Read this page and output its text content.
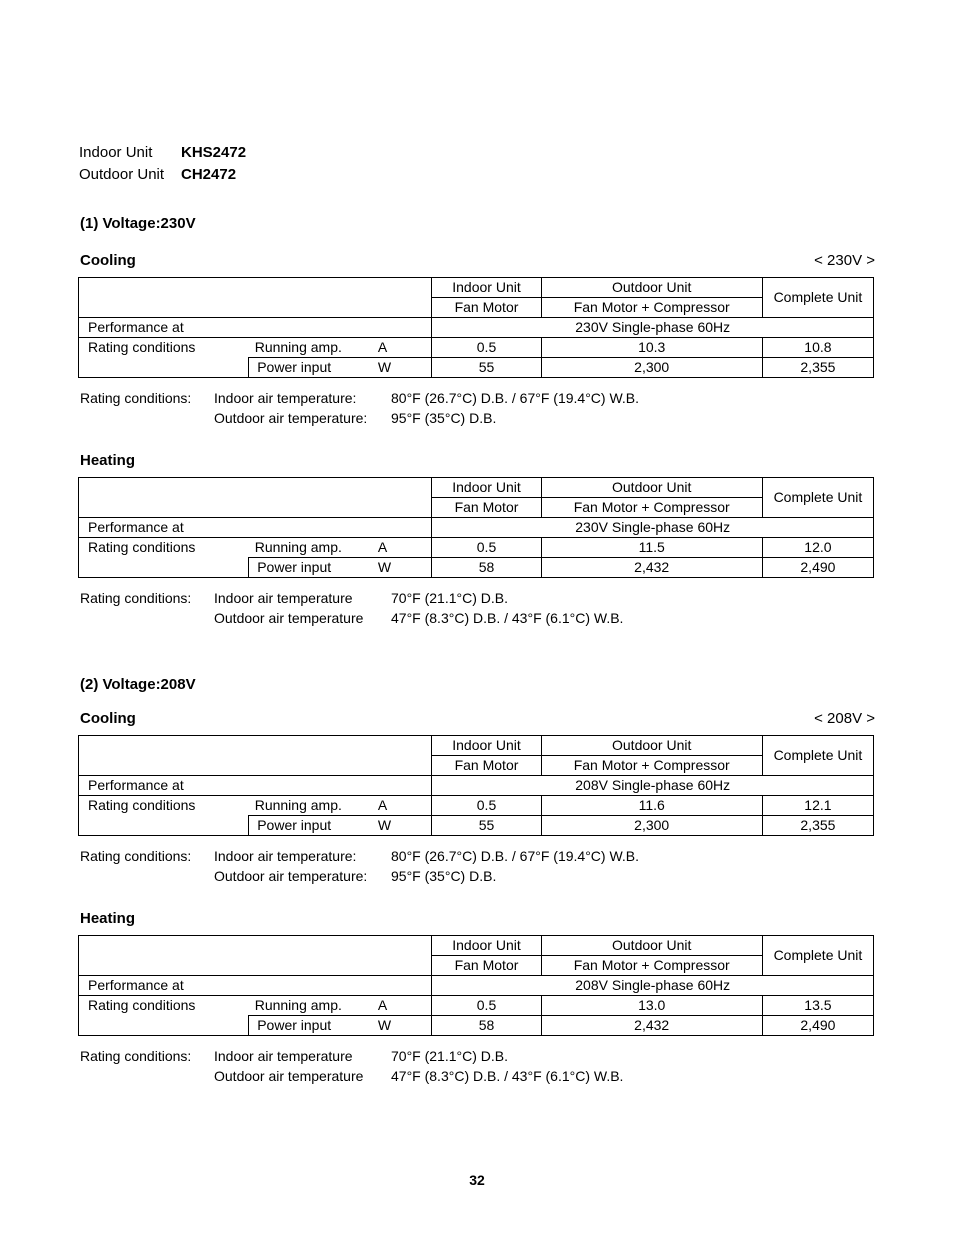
Indoor Unit KHS2472
Outdoor Unit CH2472
(1) Voltage:230V
Cooling	< 230V >
Heating
(2) Voltage:208V
Cooling	< 208V >
Heating
32
			Indoor Unit	Outdoor Unit	Complete Unit
			Fan Motor	Fan Motor + Compressor	
Performance at			230V Single-phase 60Hz		
Rating conditions	Running amp.	A	0.5	10.3	10.8
	Power input	W	55	2,300	2,355
Rating conditions: Indoor air temperature: 80°F (26.7°C) D.B. / 67°F (19.4°C) W.B.
Outdoor air temperature: 95°F (35°C) D.B.
			Indoor Unit	Outdoor Unit	Complete Unit
			Fan Motor	Fan Motor + Compressor	
Performance at			230V Single-phase 60Hz		
Rating conditions	Running amp.	A	0.5	11.5	12.0
	Power input	W	58	2,432	2,490
Rating conditions: Indoor air temperature	70°F (21.1°C) D.B.
Outdoor air temperature 47°F (8.3°C) D.B. / 43°F (6.1°C) W.B.
			Indoor Unit	Outdoor Unit	Complete Unit
			Fan Motor	Fan Motor + Compressor	
Performance at			208V Single-phase 60Hz		
Rating conditions	Running amp.	A	0.5	11.6	12.1
	Power input	W	55	2,300	2,355
Rating conditions: Indoor air temperature: 80°F (26.7°C) D.B. / 67°F (19.4°C) W.B.
Outdoor air temperature: 95°F (35°C) D.B.
			Indoor Unit	Outdoor Unit	Complete Unit
			Fan Motor	Fan Motor + Compressor	
Performance at			208V Single-phase 60Hz		
Rating conditions	Running amp.	A	0.5	13.0	13.5
	Power input	W	58	2,432	2,490
Rating conditions: Indoor air temperature	70°F (21.1°C) D.B.
Outdoor air temperature 47°F (8.3°C) D.B. / 43°F (6.1°C) W.B.
